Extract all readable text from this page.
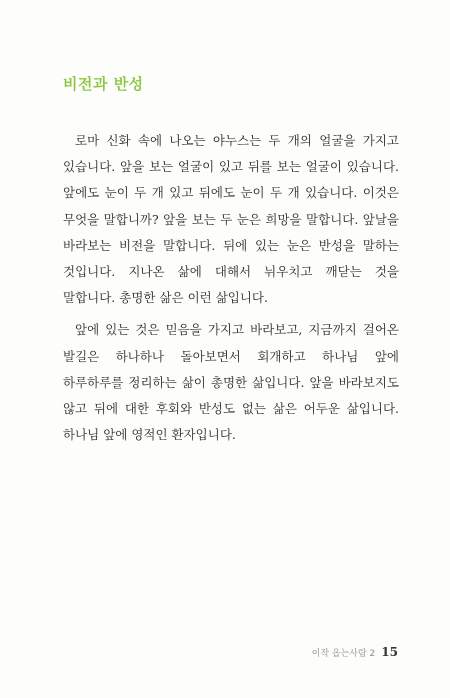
비전과 반성

로마 신화 속에 나오는 야누스는 두 개의 얼굴을 가지고 있습니다. 앞을 보는 얼굴이 있고 뒤를 보는 얼굴이 있습니다. 앞에도 눈이 두 개 있고 뒤에도 눈이 두 개 있습니다. 이것은 무엇을 말합니까? 앞을 보는 두 눈은 희망을 말합니다. 앞날을 바라보는 비전을 말합니다. 뒤에 있는 눈은 반성을 말하는 것입니다. 지나온 삶에 대해서 뉘우치고 깨닫는 것을 말합니다. 총명한 삶은 이런 삶입니다.

앞에 있는 것은 믿음을 가지고 바라보고, 지금까지 걸어온 발길은 하나하나 돌아보면서 회개하고 하나님 앞에 하루하루를 정리하는 삶이 총명한 삶입니다. 앞을 바라보지도 않고 뒤에 대한 후회와 반성도 없는 삶은 어두운 삶입니다. 하나님 앞에 영적인 환자입니다.

이작 옵는사람 2 15
